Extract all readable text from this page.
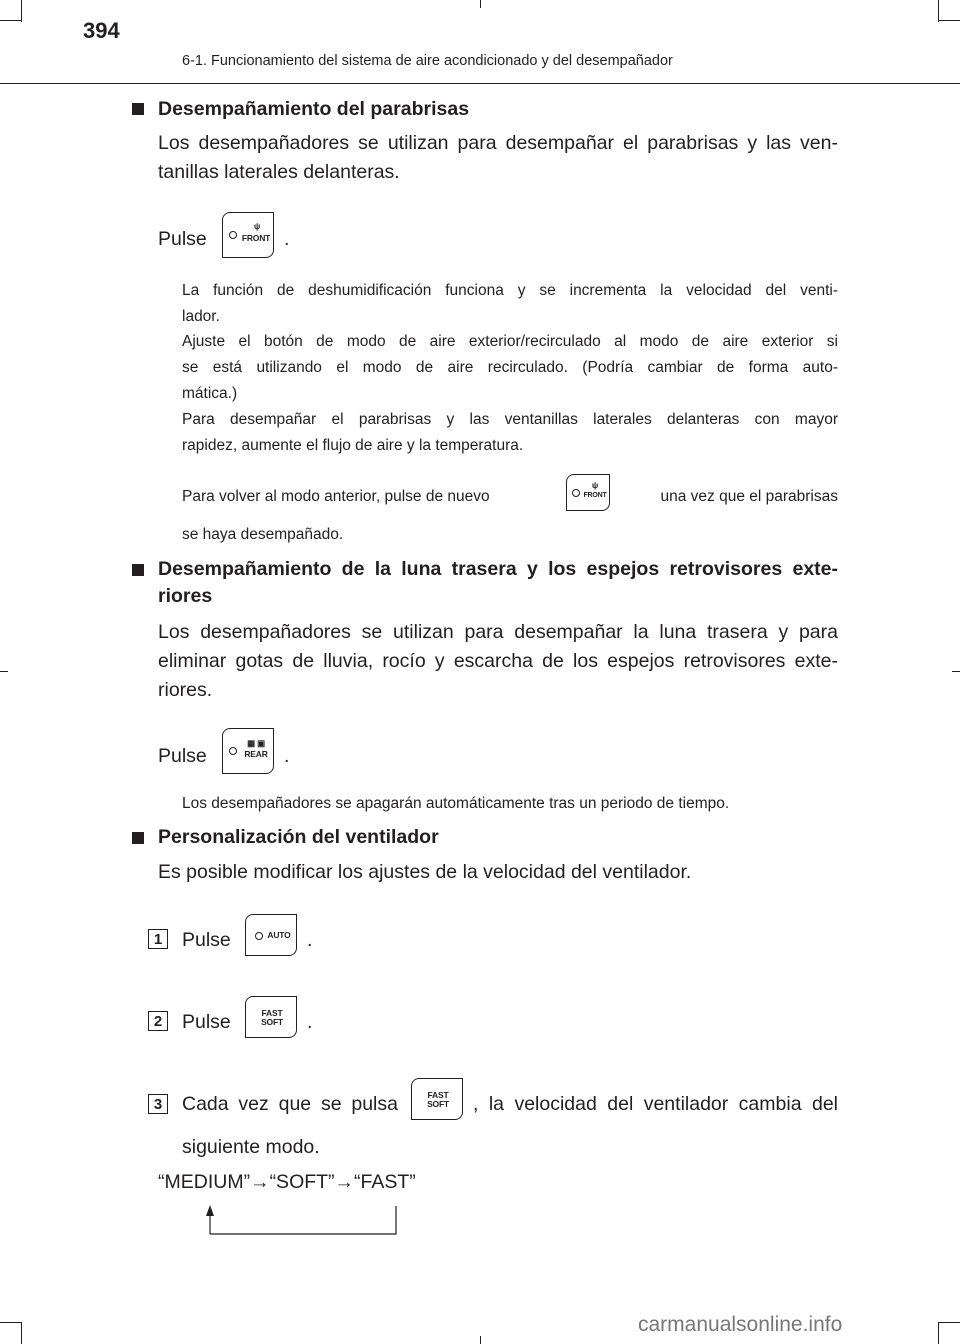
394
6-1. Funcionamiento del sistema de aire acondicionado y del desempañador
Desempañamiento del parabrisas
Los desempañadores se utilizan para desempañar el parabrisas y las ven-
tanillas laterales delanteras.
Pulse
ψ
FRONT .
La función de deshumidificación funciona y se incrementa la velocidad del venti-
lador.
Ajuste el botón de modo de aire exterior/recirculado al modo de aire exterior si
se está utilizando el modo de aire recirculado. (Podría cambiar de forma auto-
mática.)
Para desempañar el parabrisas y las ventanillas laterales delanteras con mayor
rapidez, aumente el flujo de aire y la temperatura.
Para volver al modo anterior, pulse de nuevo
ψ
FRONT	una vez que el parabrisas
se haya desempañado.
Desempañamiento de la luna trasera y los espejos retrovisores exte-
riores
Los desempañadores se utilizan para desempañar la luna trasera y para
eliminar gotas de lluvia, rocío y escarcha de los espejos retrovisores exte-
riores.
Pulse
▦ ▣
REAR .
Los desempañadores se apagarán automáticamente tras un periodo de tiempo.
Personalización del ventilador
Es posible modificar los ajustes de la velocidad del ventilador.
1 Pulse	AUTO .
2 Pulse	FAST
SOFT .
3 Cada vez que se pulsa	FAST
SOFT , la velocidad del ventilador cambia del
siguiente modo.
“MEDIUM”→“SOFT”→“FAST”
carmanualsonline.info
